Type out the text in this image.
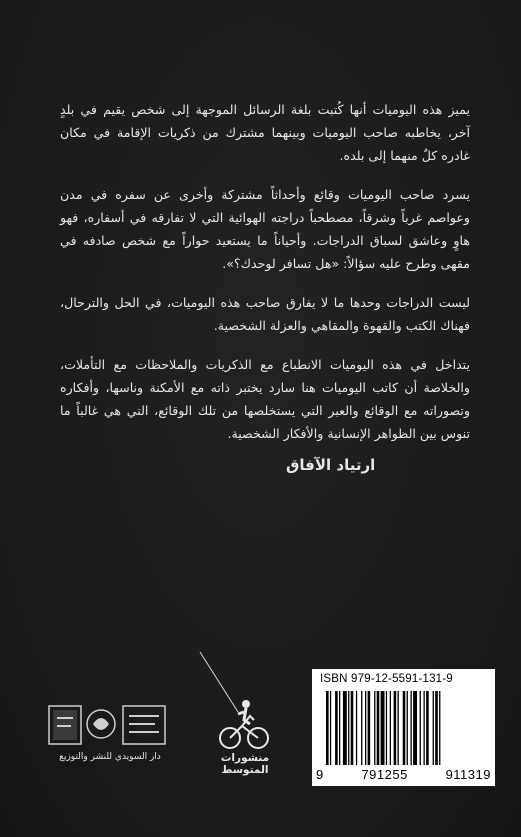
يميز هذه اليوميات أنها كُتبت بلغة الرسائل الموجهة إلى شخص يقيم في بلدٍ آخر، يخاطبه صاحب اليوميات وبينهما مشترك من ذكريات الإقامة في مكان غادره كلٌ منهما إلى بلده.

يسرد صاحب اليوميات وقائع وأحداثاً مشتركة وأخرى عن سفره في مدن وعواصم غرباً وشرقاً، مصطحباً دراجته الهوائية التي لا تفارقه في أسفاره، فهو هاوٍ وعاشق لسباق الدراجات. وأحياناً ما يستعيد حواراً مع شخص صادفه في مقهى وطرح عليه سؤالاً: «هل تسافر لوحدك؟».

ليست الدراجات وحدها ما لا يفارق صاحب هذه اليوميات، في الحل والترحال، فهناك الكتب والقهوة والمقاهي والعزلة الشخصية.

يتداخل في هذه اليوميات الانطباع مع الذكريات والملاحظات مع التأملات، والخلاصة أن كاتب اليوميات هنا سارد يختبر ذاته مع الأمكنة وناسها، وأفكاره وتصوراته مع الوقائع والعبر التي يستخلصها من تلك الوقائع، التي هي غالباً ما تنوس بين الظواهر الإنسانية والأفكار الشخصية.

ارتياد الآفاق
منشورات المتوسط
دار السويدي للنشر والتوزيع
ISBN 979-12-5591-131-9
9	791255	911319
